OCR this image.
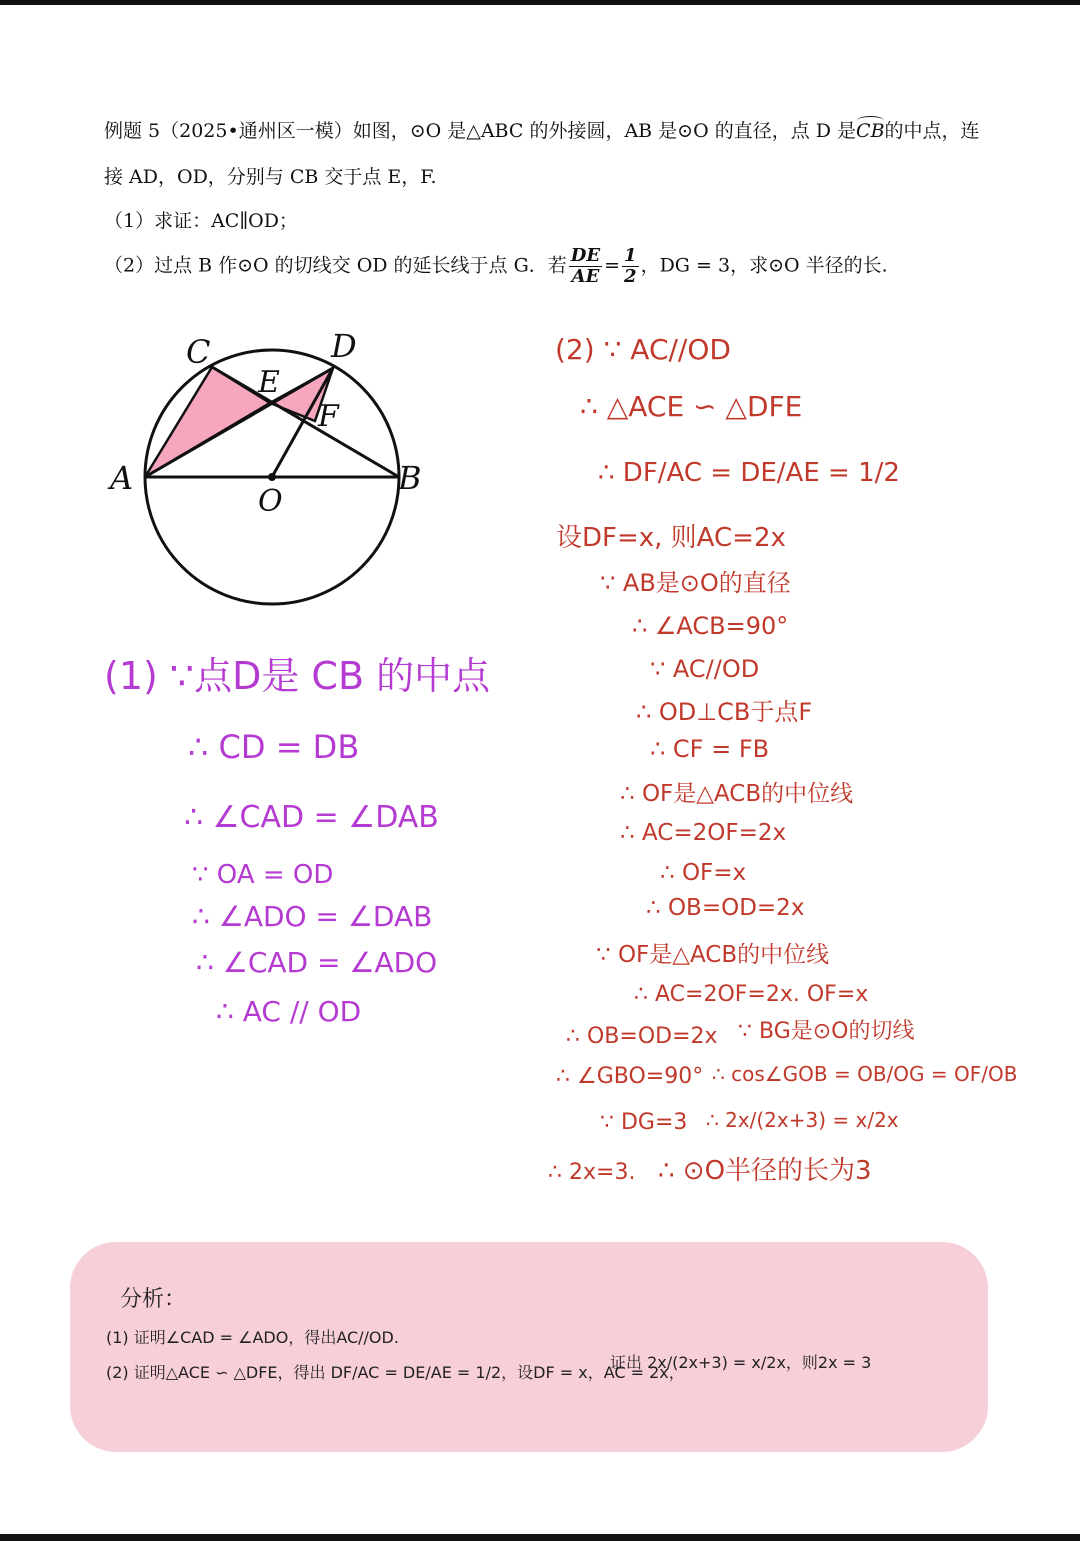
例题 5（2025•通州区一模）如图，⊙O 是△ABC 的外接圆，AB 是⊙O 的直径，点 D 是CB的中点，连
接 AD，OD，分别与 CB 交于点 E，F.
（1）求证：AC∥OD；
（2）过点 B 作⊙O 的切线交 OD 的延长线于点 G．若 $\frac{DE}{AE} = \frac{1}{2}$ ，DG = 3，求⊙O 半径的长.
C	D
E
F
A	B
O
(1) ∵点D是 CB 的中点
∴ CD = DB
∴ ∠CAD = ∠DAB
∵ OA = OD
∴ ∠ADO = ∠DAB
∴ ∠CAD = ∠ADO
∴ AC // OD
(2) ∵ AC//OD
∴ △ACE ∽ △DFE
∴ DF/AC = DE/AE = 1/2
设DF=x, 则AC=2x
∵ AB是⊙O的直径
∴ ∠ACB=90°
∵ AC//OD
∴ OD⊥CB于点F
∴ CF = FB
∴ OF是△ACB的中位线
∴ AC=2OF=2x
∴ OF=x
∴ OB=OD=2x
∵ OF是△ACB的中位线
∴ AC=2OF=2x. OF=x
∴ OB=OD=2x ∵ BG是⊙O的切线
∴ ∠GBO=90° ∴ cos∠GOB = OB/OG = OF/OB
∵ DG=3 ∴ 2x/(2x+3) = x/2x
∴ 2x=3. ∴ ⊙O半径的长为3
分析：
(1) 证明∠CAD = ∠ADO，得出AC//OD.
(2) 证明△ACE ∽ △DFE，得出 DF/AC = DE/AE = 1/2，设DF = x，AC = 2x，
证出 2x/(2x+3) = x/2x，则2x = 3
